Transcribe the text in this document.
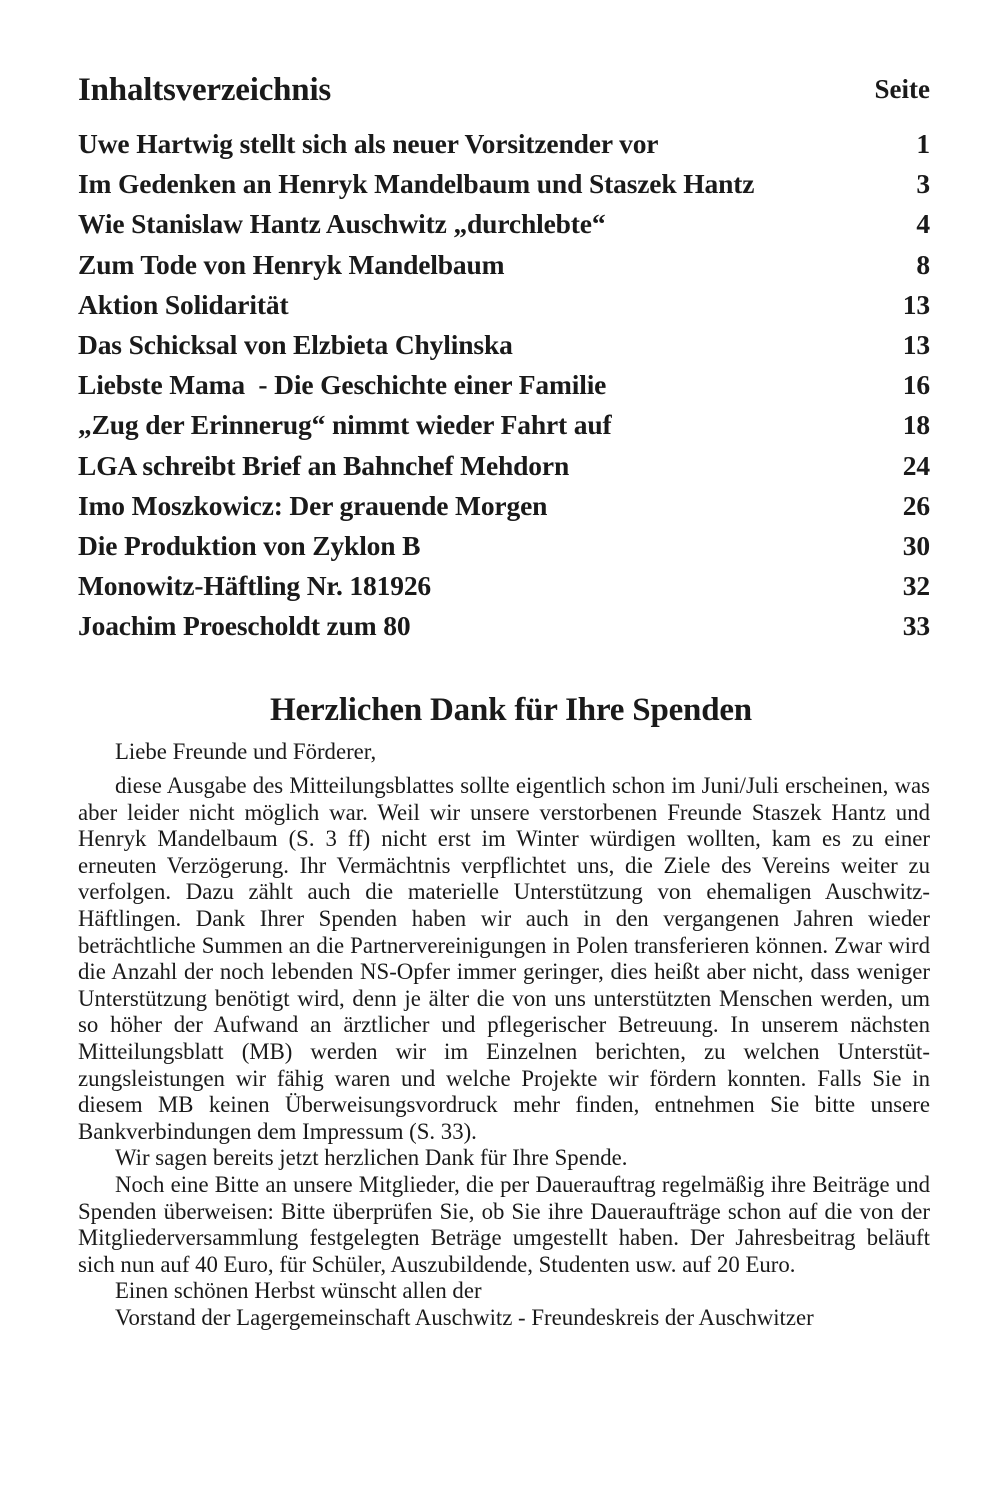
Inhaltsverzeichnis	Seite
Uwe Hartwig stellt sich als neuer Vorsitzender vor	1
Im Gedenken an Henryk Mandelbaum und Staszek Hantz	3
Wie Stanislaw Hantz Auschwitz „durchlebte“	4
Zum Tode von Henryk Mandelbaum	8
Aktion Solidarität	13
Das Schicksal von Elzbieta Chylinska	13
Liebste Mama  - Die Geschichte einer Familie	16
„Zug der Erinnerug“ nimmt wieder Fahrt auf	18
LGA schreibt Brief an Bahnchef Mehdorn	24
Imo Moszkowicz: Der grauende Morgen	26
Die Produktion von Zyklon B	30
Monowitz-Häftling Nr. 181926	32
Joachim Proescholdt zum 80	33
Herzlichen Dank für Ihre Spenden

Liebe Freunde und Förderer,

diese Ausgabe des Mitteilungsblattes sollte eigentlich schon im Juni/Juli erscheinen, was aber leider nicht möglich war. Weil wir unsere verstorbenen Freunde Staszek Hantz und Henryk Mandelbaum (S. 3 ff) nicht erst im Winter würdigen wollten, kam es zu einer erneuten Verzögerung. Ihr Vermächtnis verpflichtet uns, die Ziele des Vereins weiter zu verfolgen. Dazu zählt auch die materielle Unterstützung von ehemaligen Auschwitz-Häftlingen. Dank Ihrer Spenden haben wir auch in den vergangenen Jahren wieder beträchtliche Summen an die Partnervereinigungen in Polen transferieren können. Zwar wird die Anzahl der noch lebenden NS-Opfer immer geringer, dies heißt aber nicht, dass weniger Unterstützung benötigt wird, denn je älter die von uns unterstützten Menschen werden, um so höher der Aufwand an ärztlicher und pflegerischer Betreuung. In unserem nächsten Mitteilungsblatt (MB) werden wir im Einzelnen berichten, zu welchen Unterstützungsleistungen wir fähig waren und welche Projekte wir fördern konnten. Falls Sie in diesem MB keinen Überweisungsvordruck mehr finden, entnehmen Sie bitte unsere Bankverbindungen dem Impressum (S. 33).

Wir sagen bereits jetzt herzlichen Dank für Ihre Spende.

Noch eine Bitte an unsere Mitglieder, die per Dauerauftrag regelmäßig ihre Beiträge und Spenden überweisen: Bitte überprüfen Sie, ob Sie ihre Daueraufträge schon auf die von der Mitgliederversammlung festgelegten Beträge umgestellt haben. Der Jahresbeitrag beläuft sich nun auf 40 Euro, für Schüler, Auszubildende, Studenten usw. auf 20 Euro.

Einen schönen Herbst wünscht allen der

Vorstand der Lagergemeinschaft Auschwitz - Freundeskreis der Auschwitzer
